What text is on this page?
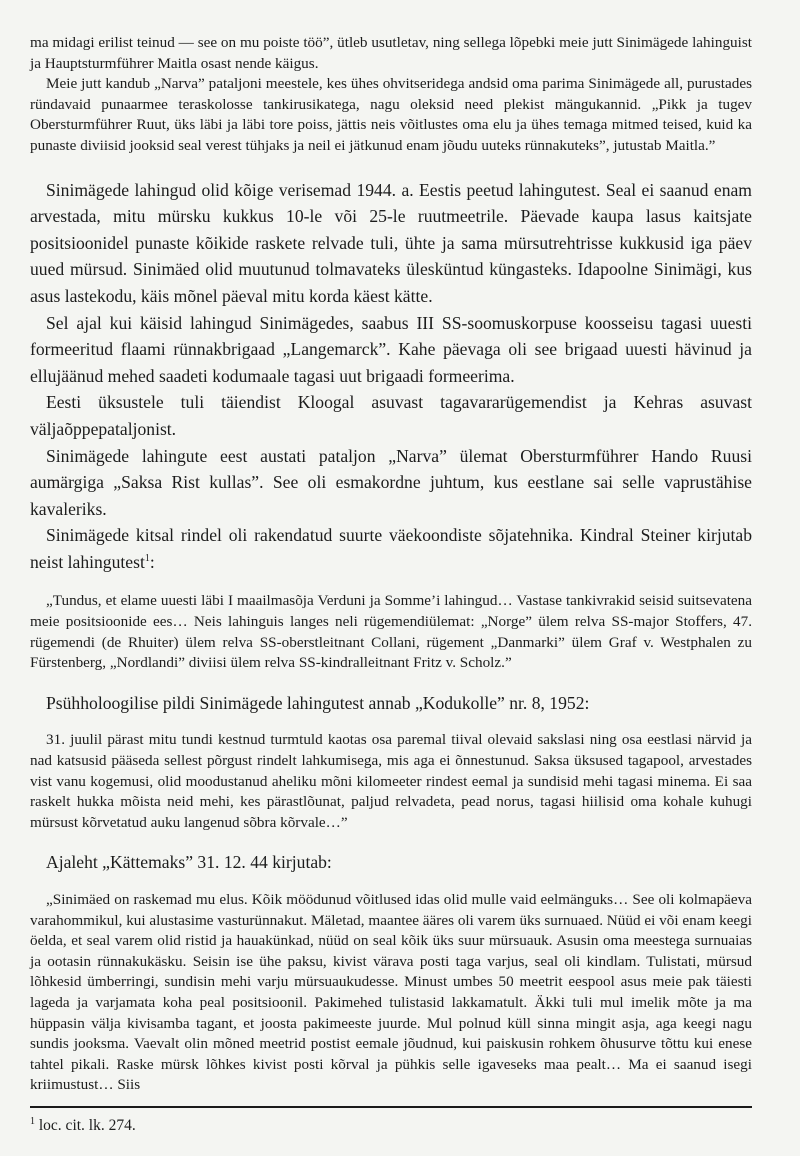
ma midagi erilist teinud — see on mu poiste töö”, ütleb usutletav, ning sellega lõpebki meie jutt Sinimägede lahinguist ja Hauptsturmführer Maitla osast nende käigus.

Meie jutt kandub „Narva” pataljoni meestele, kes ühes ohvitseridega andsid oma parima Sinimägede all, purustades ründavaid punaarmee teraskolosse tankirusikatega, nagu oleksid need plekist mängukannid. „Pikk ja tugev Obersturmführer Ruut, üks läbi ja läbi tore poiss, jättis neis võitlustes oma elu ja ühes temaga mitmed teised, kuid ka punaste diviisid jooksid seal verest tühjaks ja neil ei jätkunud enam jõudu uuteks rünnakuteks”, jutustab Maitla.”

Sinimägede lahingud olid kõige verisemad 1944. a. Eestis peetud lahingutest. Seal ei saanud enam arvestada, mitu mürsku kukkus 10-le või 25-le ruutmeetrile. Päevade kaupa lasus kaitsjate positsioonidel punaste kõikide raskete relvade tuli, ühte ja sama mürsutrehtrisse kukkusid iga päev uued mürsud. Sinimäed olid muutunud tolmavateks ülesküntud küngasteks. Idapoolne Sinimägi, kus asus lastekodu, käis mõnel päeval mitu korda käest kätte.

Sel ajal kui käisid lahingud Sinimägedes, saabus III SS-soomuskorpuse koosseisu tagasi uuesti formeeritud flaami rünnakbrigaad „Langemarck”. Kahe päevaga oli see brigaad uuesti hävinud ja ellujäänud mehed saadeti kodumaale tagasi uut brigaadi formeerima.

Eesti üksustele tuli täiendist Kloogal asuvast tagavararügemendist ja Kehras asuvast väljaõppepataljonist.

Sinimägede lahingute eest austati pataljon „Narva” ülemat Obersturmführer Hando Ruusi aumärgiga „Saksa Rist kullas”. See oli esmakordne juhtum, kus eestlane sai selle vaprustähise kavaleriks.

Sinimägede kitsal rindel oli rakendatud suurte väekoondiste sõjatehnika. Kindral Steiner kirjutab neist lahingutest$^1$:

„Tundus, et elame uuesti läbi I maailmasõja Verduni ja Somme’i lahingud… Vastase tankivrakid seisid suitsevatena meie positsioonide ees… Neis lahinguis langes neli rügemendiülemat: „Norge” ülem relva SS-major Stoffers, 47. rügemendi (de Rhuiter) ülem relva SS-oberstleitnant Collani, rügement „Danmarki” ülem Graf v. Westphalen zu Fürstenberg, „Nordlandi” diviisi ülem relva SS-kindralleitnant Fritz v. Scholz.”

Psühholoogilise pildi Sinimägede lahingutest annab „Kodukolle” nr. 8, 1952:

31. juulil pärast mitu tundi kestnud turmtuld kaotas osa paremal tiival olevaid sakslasi ning osa eestlasi närvid ja nad katsusid pääseda sellest põrgust rindelt lahkumisega, mis aga ei õnnestunud. Saksa üksused tagapool, arvestades vist vanu kogemusi, olid moodustanud aheliku mõni kilomeeter rindest eemal ja sundisid mehi tagasi minema. Ei saa raskelt hukka mõista neid mehi, kes pärastlõunat, paljud relvadeta, pead norus, tagasi hiilisid oma kohale kuhugi mürsust kõrvetatud auku langenud sõbra kõrvale…”

Ajaleht „Kättemaks” 31. 12. 44 kirjutab:

„Sinimäed on raskemad mu elus. Kõik möödunud võitlused idas olid mulle vaid eelmänguks… See oli kolmapäeva varahommikul, kui alustasime vasturünnakut. Mäletad, maantee ääres oli varem üks surnuaed. Nüüd ei või enam keegi öelda, et seal varem olid ristid ja hauakünkad, nüüd on seal kõik üks suur mürsuauk. Asusin oma meestega surnuaias ja ootasin rünnakukäsku. Seisin ise ühe paksu, kivist värava posti taga varjus, seal oli kindlam. Tulistati, mürsud lõhkesid ümberringi, sundisin mehi varju mürsuaukudesse. Minust umbes 50 meetrit eespool asus meie pak täiesti lageda ja varjamata koha peal positsioonil. Pakimehed tulistasid lakkamatult. Äkki tuli mul imelik mõte ja ma hüppasin välja kivisamba tagant, et joosta pakimeeste juurde. Mul polnud küll sinna mingit asja, aga keegi nagu sundis jooksma. Vaevalt olin mõned meetrid postist eemale jõudnud, kui paiskusin rohkem õhusurve tõttu kui enese tahtel pikali. Raske mürsk lõhkes kivist posti kõrval ja pühkis selle igaveseks maa pealt… Ma ei saanud isegi kriimustust… Siis

$^1$ loc. cit. lk. 274.
